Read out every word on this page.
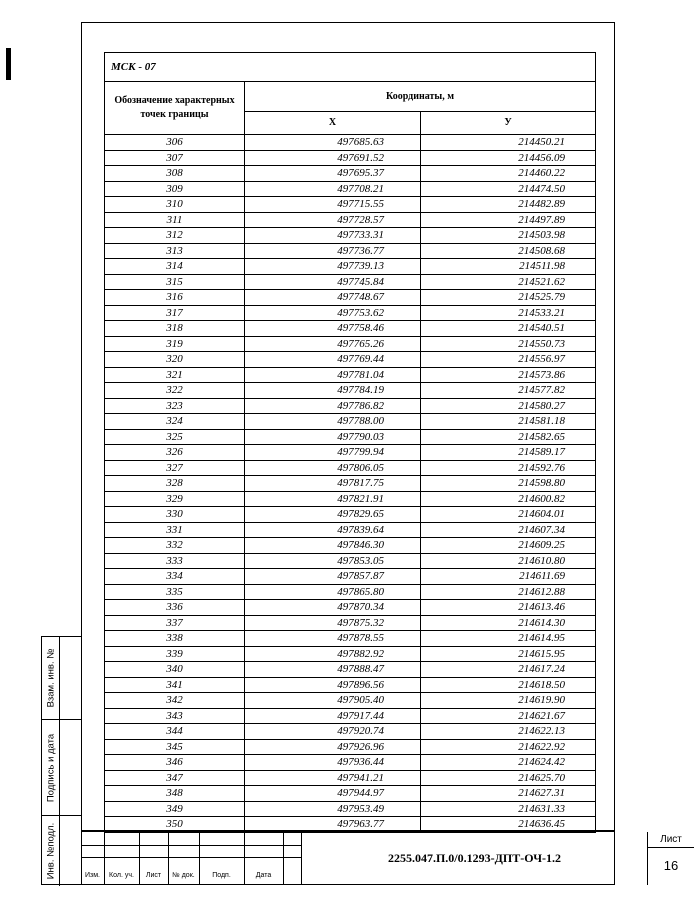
Взам. инв. №
Подпись и дата
Инв. №подл.
МСК - 07		
Обозначение характерных точек границы	Координаты, м	
	Х	У
306	497685.63	214450.21
307	497691.52	214456.09
308	497695.37	214460.22
309	497708.21	214474.50
310	497715.55	214482.89
311	497728.57	214497.89
312	497733.31	214503.98
313	497736.77	214508.68
314	497739.13	214511.98
315	497745.84	214521.62
316	497748.67	214525.79
317	497753.62	214533.21
318	497758.46	214540.51
319	497765.26	214550.73
320	497769.44	214556.97
321	497781.04	214573.86
322	497784.19	214577.82
323	497786.82	214580.27
324	497788.00	214581.18
325	497790.03	214582.65
326	497799.94	214589.17
327	497806.05	214592.76
328	497817.75	214598.80
329	497821.91	214600.82
330	497829.65	214604.01
331	497839.64	214607.34
332	497846.30	214609.25
333	497853.05	214610.80
334	497857.87	214611.69
335	497865.80	214612.88
336	497870.34	214613.46
337	497875.32	214614.30
338	497878.55	214614.95
339	497882.92	214615.95
340	497888.47	214617.24
341	497896.56	214618.50
342	497905.40	214619.90
343	497917.44	214621.67
344	497920.74	214622.13
345	497926.96	214622.92
346	497936.44	214624.42
347	497941.21	214625.70
348	497944.97	214627.31
349	497953.49	214631.33
350	497963.77	214636.45
Изм.	Кол. уч.	Лист	№ док.	Подп.	Дата
2255.047.П.0/0.1293-ДПТ-ОЧ-1.2
Лист
16
